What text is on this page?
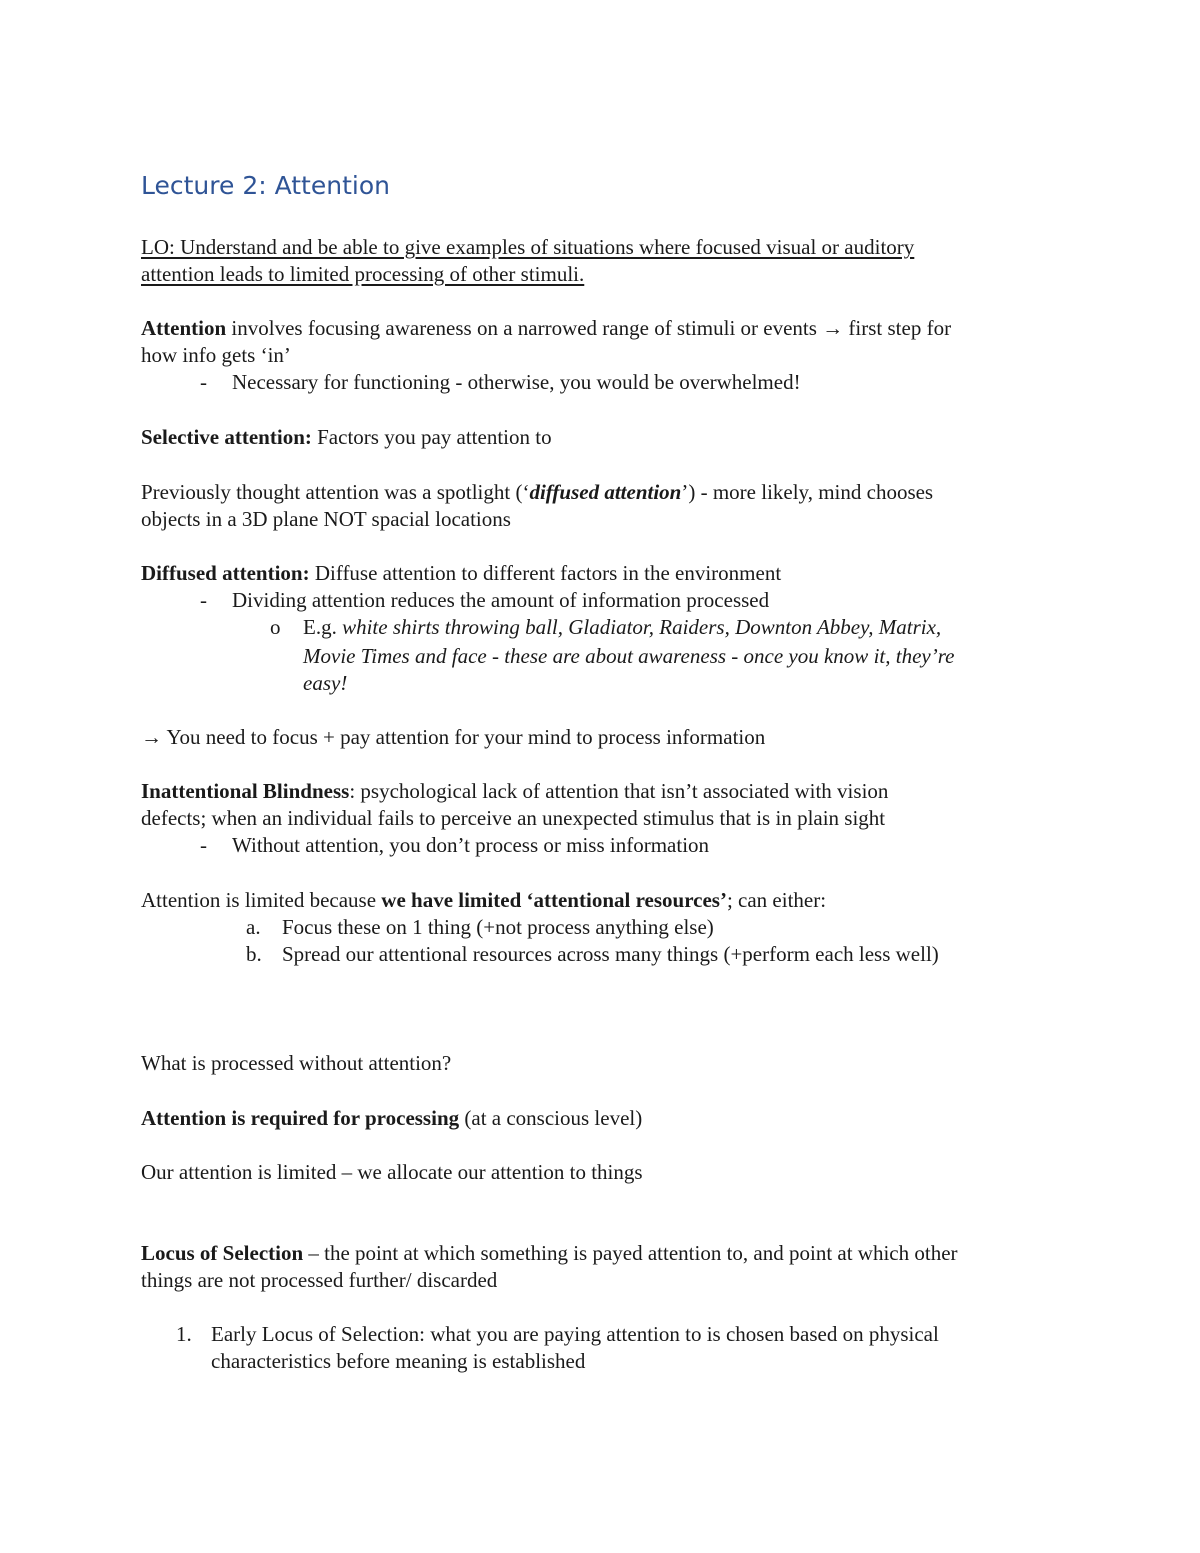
Lecture 2: Attention
LO: Understand and be able to give examples of situations where focused visual or auditory
attention leads to limited processing of other stimuli.
Attention involves focusing awareness on a narrowed range of stimuli or events → first step for
how info gets ‘in’
- Necessary for functioning - otherwise, you would be overwhelmed!
Selective attention: Factors you pay attention to
Previously thought attention was a spotlight (‘diffused attention’) - more likely, mind chooses
objects in a 3D plane NOT spacial locations
Diffused attention: Diffuse attention to different factors in the environment
- Dividing attention reduces the amount of information processed
o E.g. white shirts throwing ball, Gladiator, Raiders, Downton Abbey, Matrix,
Movie Times and face - these are about awareness - once you know it, they’re
easy!
→ You need to focus + pay attention for your mind to process information
Inattentional Blindness: psychological lack of attention that isn’t associated with vision
defects; when an individual fails to perceive an unexpected stimulus that is in plain sight
- Without attention, you don’t process or miss information
Attention is limited because we have limited ‘attentional resources’; can either:
a. Focus these on 1 thing (+not process anything else)
b. Spread our attentional resources across many things (+perform each less well)
What is processed without attention?
Attention is required for processing (at a conscious level)
Our attention is limited – we allocate our attention to things
Locus of Selection – the point at which something is payed attention to, and point at which other
things are not processed further/ discarded
1. Early Locus of Selection: what you are paying attention to is chosen based on physical
characteristics before meaning is established
